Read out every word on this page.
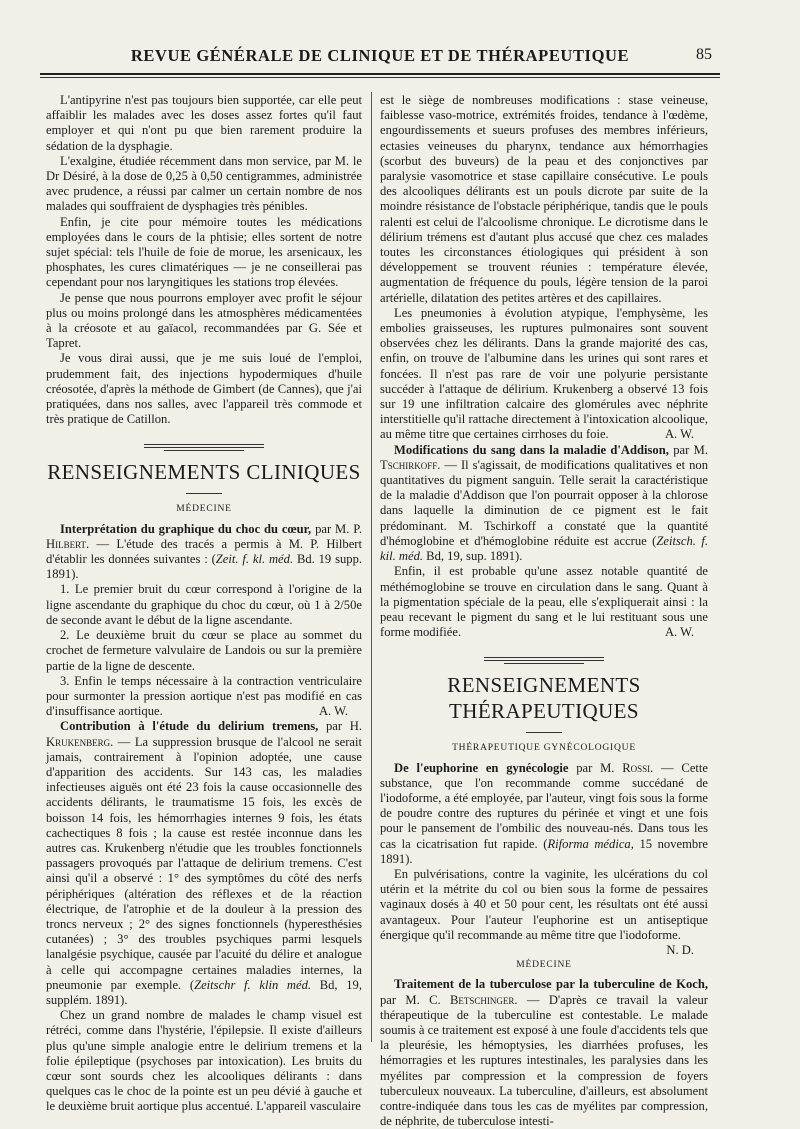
REVUE GÉNÉRALE DE CLINIQUE ET DE THÉRAPEUTIQUE	85

L'antipyrine n'est pas toujours bien supportée, car elle peut affaiblir les malades avec les doses assez fortes qu'il faut employer et qui n'ont pu que bien rarement produire la sédation de la dysphagie.

L'exalgine, étudiée récemment dans mon service, par M. le Dr Désiré, à la dose de 0,25 à 0,50 centigrammes, administrée avec prudence, a réussi par calmer un certain nombre de nos malades qui souffraient de dysphagies très pénibles.

Enfin, je cite pour mémoire toutes les médications employées dans le cours de la phtisie; elles sortent de notre sujet spécial: tels l'huile de foie de morue, les arsenicaux, les phosphates, les cures climatériques — je ne conseillerai pas cependant pour nos laryngitiques les stations trop élevées.

Je pense que nous pourrons employer avec profit le séjour plus ou moins prolongé dans les atmosphères médicamentées à la créosote et au gaïacol, recommandées par G. Sée et Tapret.

Je vous dirai aussi, que je me suis loué de l'emploi, prudemment fait, des injections hypodermiques d'huile créosotée, d'après la méthode de Gimbert (de Cannes), que j'ai pratiquées, dans nos salles, avec l'appareil très commode et très pratique de Catillon.

RENSEIGNEMENTS CLINIQUES
MÉDECINE

Interprétation du graphique du choc du cœur, par M. P. Hilbert. — L'étude des tracés a permis à M. P. Hilbert d'établir les données suivantes : (Zeit. f. kl. méd. Bd. 19 supp. 1891).

1. Le premier bruit du cœur correspond à l'origine de la ligne ascendante du graphique du choc du cœur, où 1 à 2/50e de seconde avant le début de la ligne ascendante.

2. Le deuxième bruit du cœur se place au sommet du crochet de fermeture valvulaire de Landois ou sur la première partie de la ligne de descente.

3. Enfin le temps nécessaire à la contraction ventriculaire pour surmonter la pression aortique n'est pas modifié en cas d'insuffisance aortique.	A. W.

Contribution à l'étude du delirium tremens, par H. Krukenberg. — La suppression brusque de l'alcool ne serait jamais, contrairement à l'opinion adoptée, une cause d'apparition des accidents. Sur 143 cas, les maladies infectieuses aiguës ont été 23 fois la cause occasionnelle des accidents délirants, le traumatisme 15 fois, les excès de boisson 14 fois, les hémorrhagies internes 9 fois, les états cachectiques 8 fois ; la cause est restée inconnue dans les autres cas. Krukenberg n'étudie que les troubles fonctionnels passagers provoqués par l'attaque de delirium tremens. C'est ainsi qu'il a observé : 1° des symptômes du côté des nerfs périphériques (altération des réflexes et de la réaction électrique, de l'atrophie et de la douleur à la pression des troncs nerveux ; 2° des signes fonctionnels (hyperesthésies cutanées) ; 3° des troubles psychiques parmi lesquels lanalgésie psychique, causée par l'acuité du délire et analogue à celle qui accompagne certaines maladies internes, la pneumonie par exemple. (Zeitschr f. klin méd. Bd, 19, supplém. 1891).

Chez un grand nombre de malades le champ visuel est rétréci, comme dans l'hystérie, l'épilepsie. Il existe d'ailleurs plus qu'une simple analogie entre le delirium tremens et la folie épileptique (psychoses par intoxication). Les bruits du cœur sont sourds chez les alcooliques délirants : dans quelques cas le choc de la pointe est un peu dévié à gauche et le deuxième bruit aortique plus accentué. L'appareil vasculaire

est le siège de nombreuses modifications : stase veineuse, faiblesse vaso-motrice, extrémités froides, tendance à l'œdème, engourdissements et sueurs profuses des membres inférieurs, ectasies veineuses du pharynx, tendance aux hémorrhagies (scorbut des buveurs) de la peau et des conjonctives par paralysie vasomotrice et stase capillaire consécutive. Le pouls des alcooliques délirants est un pouls dicrote par suite de la moindre résistance de l'obstacle périphérique, tandis que le pouls ralenti est celui de l'alcoolisme chronique. Le dicrotisme dans le délirium trémens est d'autant plus accusé que chez ces malades toutes les circonstances étiologiques qui président à son développement se trouvent réunies : température élevée, augmentation de fréquence du pouls, légère tension de la paroi artérielle, dilatation des petites artères et des capillaires.

Les pneumonies à évolution atypique, l'emphysème, les embolies graisseuses, les ruptures pulmonaires sont souvent observées chez les délirants. Dans la grande majorité des cas, enfin, on trouve de l'albumine dans les urines qui sont rares et foncées. Il n'est pas rare de voir une polyurie persistante succéder à l'attaque de délirium. Krukenberg a observé 13 fois sur 19 une infiltration calcaire des glomérules avec néphrite interstitielle qu'il rattache directement à l'intoxication alcoolique, au même titre que certaines cirrhoses du foie.	A. W.

Modifications du sang dans la maladie d'Addison, par M. Tschirkoff. — Il s'agissait, de modifications qualitatives et non quantitatives du pigment sanguin. Telle serait la caractéristique de la maladie d'Addison que l'on pourrait opposer à la chlorose dans laquelle la diminution de ce pigment est le fait prédominant. M. Tschirkoff a constaté que la quantité d'hémoglobine et d'hémoglobine réduite est accrue (Zeitsch. f. kil. méd. Bd, 19, sup. 1891).

Enfin, il est probable qu'une assez notable quantité de méthémoglobine se trouve en circulation dans le sang. Quant à la pigmentation spéciale de la peau, elle s'expliquerait ainsi : la peau recevant le pigment du sang et le lui restituant sous une forme modifiée.	A. W.

RENSEIGNEMENTS THÉRAPEUTIQUES
THÉRAPEUTIQUE GYNÉCOLOGIQUE

De l'euphorine en gynécologie par M. Rossi. — Cette substance, que l'on recommande comme succédané de l'iodoforme, a été employée, par l'auteur, vingt fois sous la forme de poudre contre des ruptures du périnée et vingt et une fois pour le pansement de l'ombilic des nouveau-nés. Dans tous les cas la cicatrisation fut rapide. (Riforma médica, 15 novembre 1891).

En pulvérisations, contre la vaginite, les ulcérations du col utérin et la métrite du col ou bien sous la forme de pessaires vaginaux dosés à 40 et 50 pour cent, les résultats ont été aussi avantageux. Pour l'auteur l'euphorine est un antiseptique énergique qu'il recommande au même titre que l'iodoforme.
N. D.

MÉDECINE

Traitement de la tuberculose par la tuberculine de Koch, par M. C. Betschinger. — D'après ce travail la valeur thérapeutique de la tuberculine est contestable. Le malade soumis à ce traitement est exposé à une foule d'accidents tels que la pleurésie, les hémoptysies, les diarrhées profuses, les hémorragies et les ruptures intestinales, les paralysies dans les myélites par compression et la compression de foyers tuberculeux nouveaux. La tuberculine, d'ailleurs, est absolument contre-indiquée dans tous les cas de myélites par compression, de néphrite, de tuberculose intesti-
